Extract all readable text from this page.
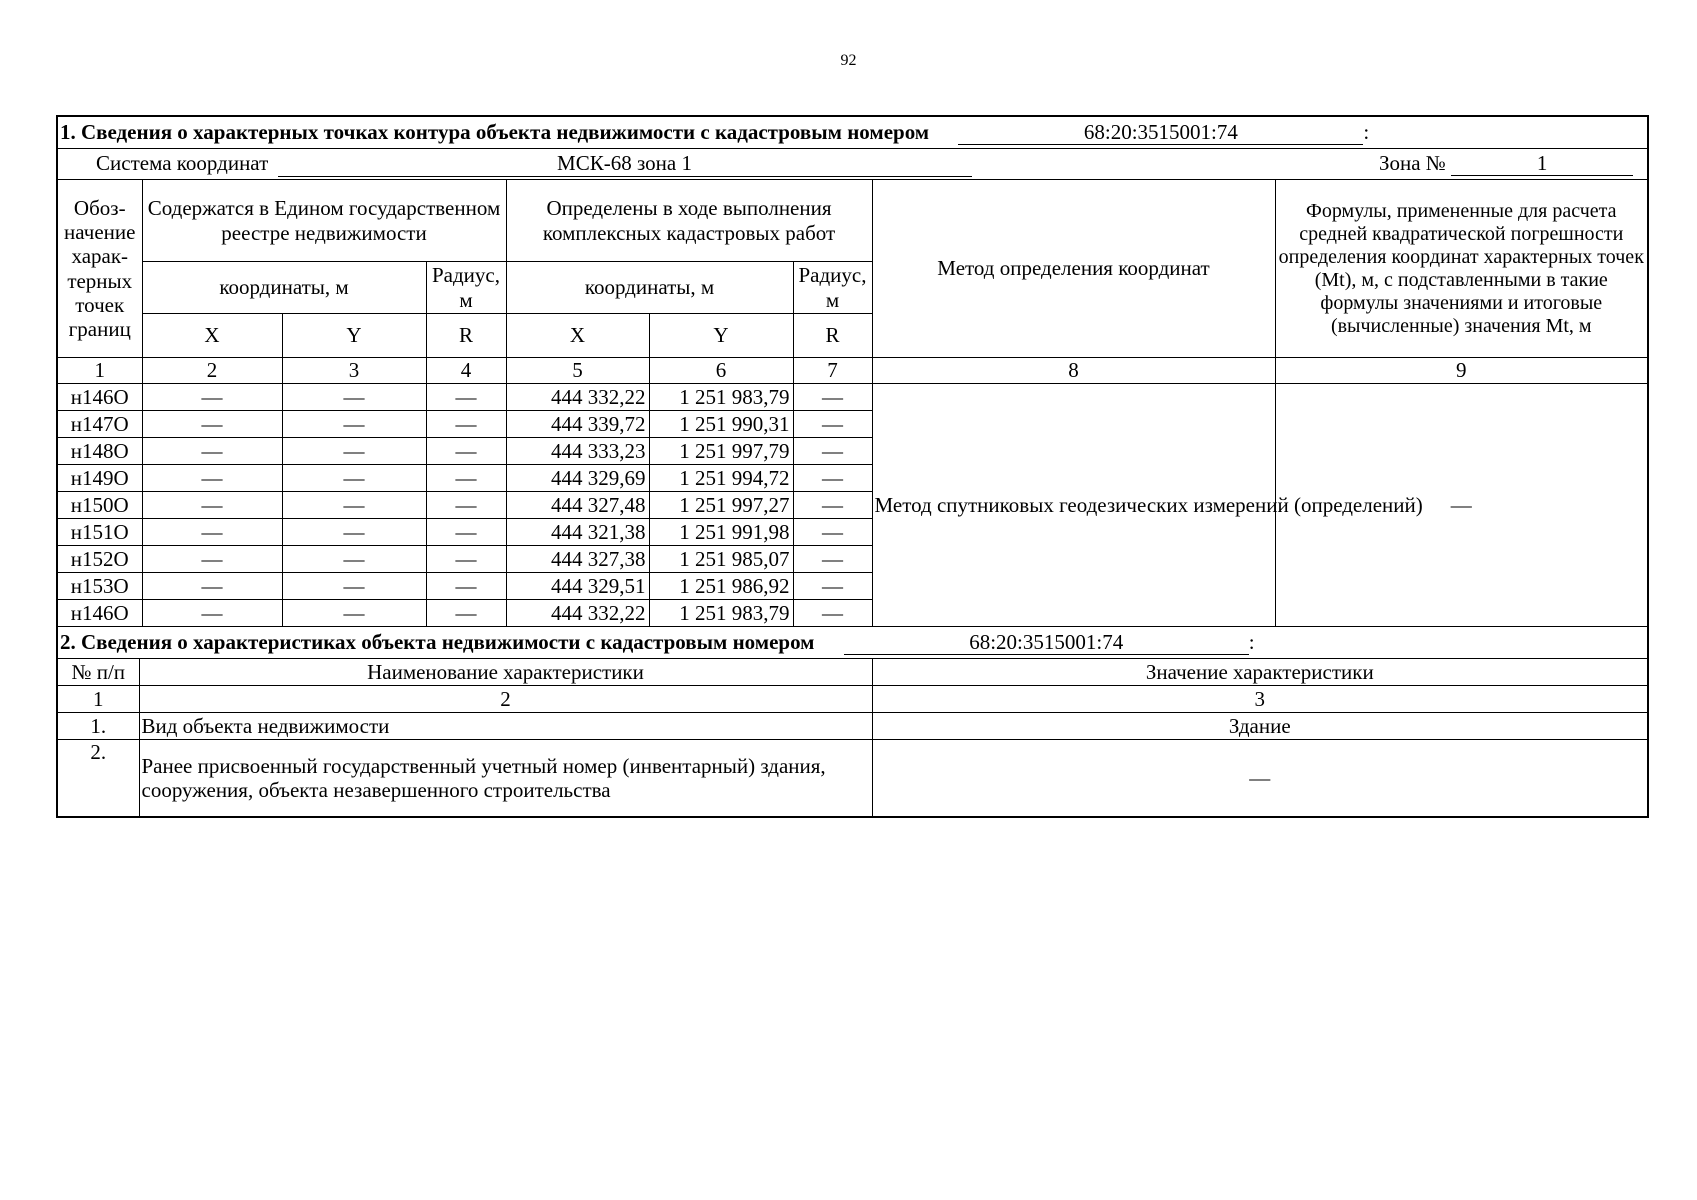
92
1. Сведения о характерных точках контура объекта недвижимости с кадастровым номером 68:20:3515001:74 :									
Система координат МСК-68 зона 1 Зона № 1									

Обоз-начение харак-терных точек границ		Содержатся в Едином государственном реестре недвижимости			Определены в ходе выполнения комплексных кадастровых работ			Метод определения координат	Формулы, примененные для расчета средней квадратической погрешности определения координат характерных точек (Mt), м, с подставленными в такие формулы значениями и итоговые (вычисленные) значения Mt, м
		координаты, м		Радиус, м	координаты, м		Радиус, м		
		X	Y	R	X	Y	R		
1		2	3	4	5	6	7	8	9
н146О		—	—	—	444 332,22	1 251 983,79	—	Метод спутниковых геодезических измерений (определений)	—
н147О		—	—	—	444 339,72	1 251 990,31	—		
н148О		—	—	—	444 333,23	1 251 997,79	—		
н149О		—	—	—	444 329,69	1 251 994,72	—		
н150О		—	—	—	444 327,48	1 251 997,27	—		
н151О		—	—	—	444 321,38	1 251 991,98	—		
н152О		—	—	—	444 327,38	1 251 985,07	—		
н153О		—	—	—	444 329,51	1 251 986,92	—		
н146О		—	—	—	444 332,22	1 251 983,79	—		
2. Сведения о характеристиках объекта недвижимости с кадастровым номером 68:20:3515001:74 :									
№ п/п	Наименование характеристики							Значение характеристики	
1	2							3	
1.	Вид объекта недвижимости							Здание	
2.	Ранее присвоенный государственный учетный номер (инвентарный) здания, сооружения, объекта незавершенного строительства							—	
